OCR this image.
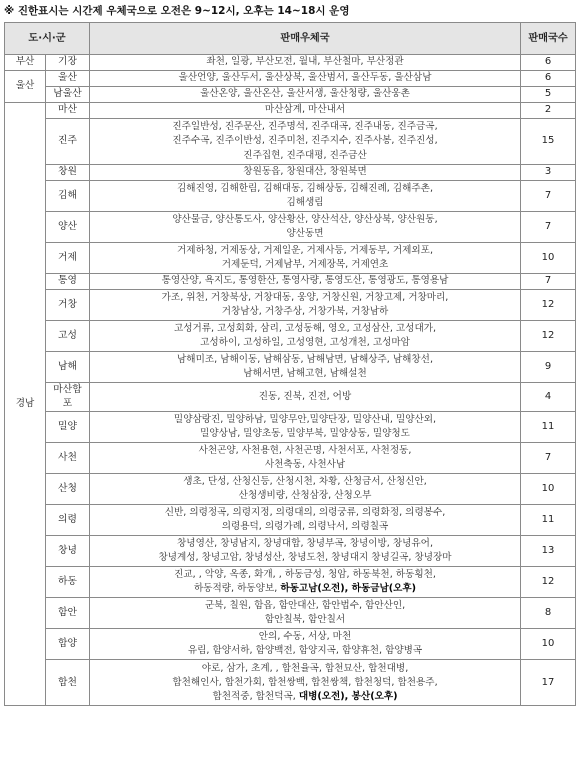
※ 진한표시는 시간제 우체국으로 오전은 9~12시, 오후는 14~18시 운영
도·시·군		판매우체국	판매국수
부산	기장	좌천, 일광, 부산모전, 월내, 부산철마, 부산정관	6
울산	울산	울산언양, 울산두서, 울산상북, 울산범서, 울산두동, 울산삼남	6
	남울산	울산온양, 울산온산, 울산서생, 울산청량, 울산웅촌	5
경남	마산	마산삼계, 마산내서	2
	진주	진주일반성, 진주문산, 진주명석, 진주대곡, 진주내동, 진주금곡,
진주수곡, 진주이반성, 진주미천, 진주지수, 진주사봉, 진주진성,
진주집현, 진주대평, 진주금산	15
	창원	창원동읍, 창원대산, 창원북면	3
	김해	김해진영, 김해한림, 김해대동, 김해상동, 김해진례, 김해주촌,
김해생림	7
	양산	양산물금, 양산통도사, 양산황산, 양산석산, 양산상북, 양산원동,
양산동면	7
	거제	거제하청, 거제동상, 거제일운, 거제사등, 거제동부, 거제외포,
거제둔덕, 거제남부, 거제장목, 거제연초	10
	통영	통영산양, 욕지도, 통영한산, 통영사량, 통영도산, 통영광도, 통영용남	7
	거창	가조, 위천, 거창북상, 거창대동, 웅양, 거창신원, 거창고제, 거창마리,
거창남상, 거창주상, 거창가북, 거창남하	12
	고성	고성거류, 고성회화, 삼리, 고성동해, 영오, 고성삼산, 고성대가,
고성하이, 고성하일, 고성영현, 고성개천, 고성마암	12
	남해	남해미조, 남해이동, 남해삼동, 남해남면, 남해상주, 남해창선,
남해서면, 남해고현, 남해설천	9
	마산합포	진동, 진북, 진전, 어방	4
	밀양	밀양삼랑진, 밀양하남, 밀양무안,밀양단장, 밀양산내, 밀양산외,
밀양상남, 밀양초동, 밀양부북, 밀양상동, 밀양청도	11
	사천	사천곤양, 사천용현, 사천곤명, 사천서포, 사천정동,
사천축동, 사천사남	7
	산청	생초, 단성, 산청신등, 산청시천, 차황, 산청금서, 산청신안,
산청생비량, 산청삼장, 산청오부	10
	의령	신반, 의령정곡, 의령지정, 의령대의, 의령궁류, 의령화정, 의령봉수,
의령용덕, 의령가례, 의령낙서, 의령칠곡	11
	창녕	창녕영산, 창녕남지, 창녕대합, 창녕부곡, 창녕이방, 창녕유어,
창녕계성, 창녕고암, 창녕성산, 창녕도천, 창녕대지 창녕길곡, 창녕장마	13
	하동	진교, , 악양, 옥종, 화개, , 하동금성, 청암, 하동북천, 하동횡천,
하동적량, 하동양보, 하동고남(오전), 하동금남(오후)	12
	함안	군북, 칠원, 함읍, 함안대산, 함안법수, 함안산인,
함안칠북, 함안칠서	8
	합양	안의, 수동, 서상, 마천
유림, 함양서하, 함양백전, 함양지곡, 함양휴천, 함양병곡	10
	합천	야로, 삼가, 초계, , 합천율곡, 합천묘산, 합천대병,
합천해인사, 합천가회, 합천쌍백, 합천쌍책, 합천청덕, 합천용주,
합천적중, 합천덕곡, 대병(오전), 봉산(오후)	17
